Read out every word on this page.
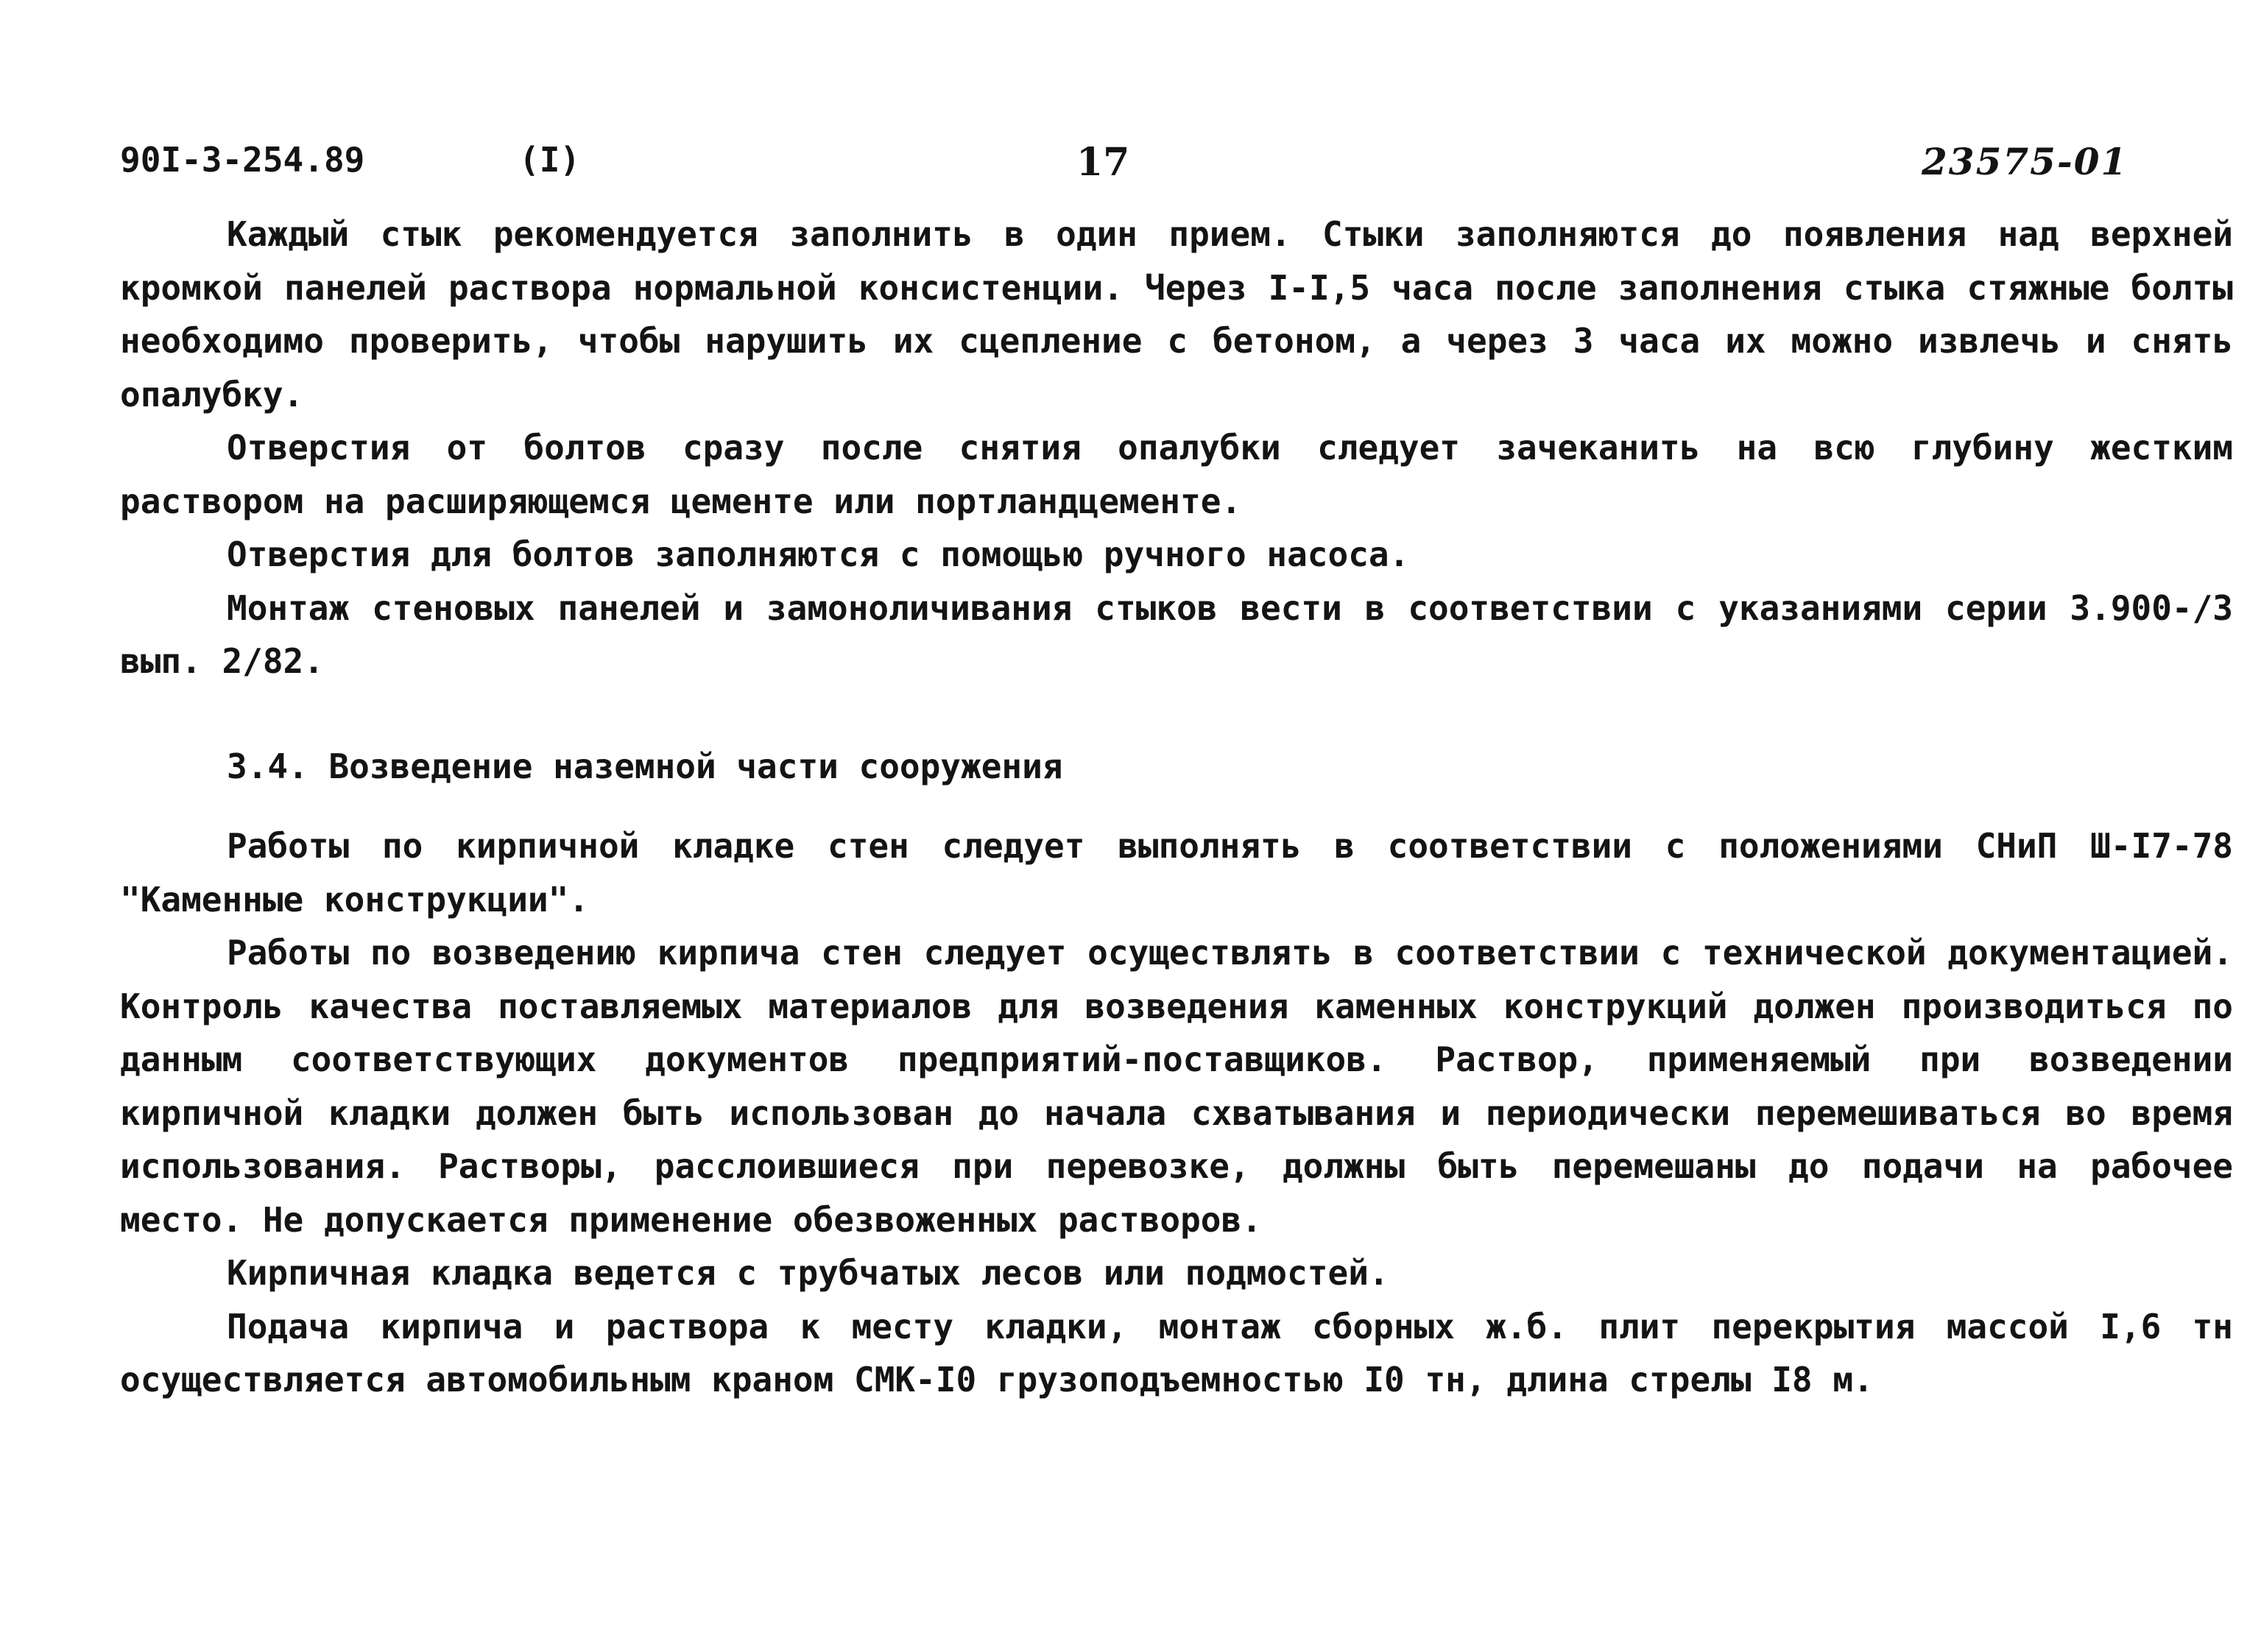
90I-3-254.89	(I)	17	23575-01

Каждый стык рекомендуется заполнить в один прием. Стыки заполняются до появления над верхней кромкой панелей раствора нормальной консистенции. Через I-I,5 часа после заполнения стыка стяжные болты необходимо проверить, чтобы нарушить их сцепление с бетоном, а через 3 часа их можно извлечь и снять опалубку.

Отверстия от болтов сразу после снятия опалубки следует зачеканить на всю глубину жестким раствором на расширяющемся цементе или портландцементе.

Отверстия для болтов заполняются с помощью ручного насоса.

Монтаж стеновых панелей и замоноличивания стыков вести в соответствии с указаниями серии 3.900-/3 вып. 2/82.

3.4. Возведение наземной части сооружения

Работы по кирпичной кладке стен следует выполнять в соответствии с положениями СНиП Ш-I7-78 "Каменные конструкции".

Работы по возведению кирпича стен следует осуществлять в соответствии с технической документацией. Контроль качества поставляемых материалов для возведения каменных конструкций должен производиться по данным соответствующих документов предприятий-поставщиков. Раствор, применяемый при возведении кирпичной кладки должен быть использован до начала схватывания и периодически перемешиваться во время использования. Растворы, расслоившиеся при перевозке, должны быть перемешаны до подачи на рабочее место. Не допускается применение обезвоженных растворов.

Кирпичная кладка ведется с трубчатых лесов или подмостей.

Подача кирпича и раствора к месту кладки, монтаж сборных ж.б. плит перекрытия массой I,6 тн осуществляется автомобильным краном СМК-I0 грузоподъемностью I0 тн, длина стрелы I8 м.
